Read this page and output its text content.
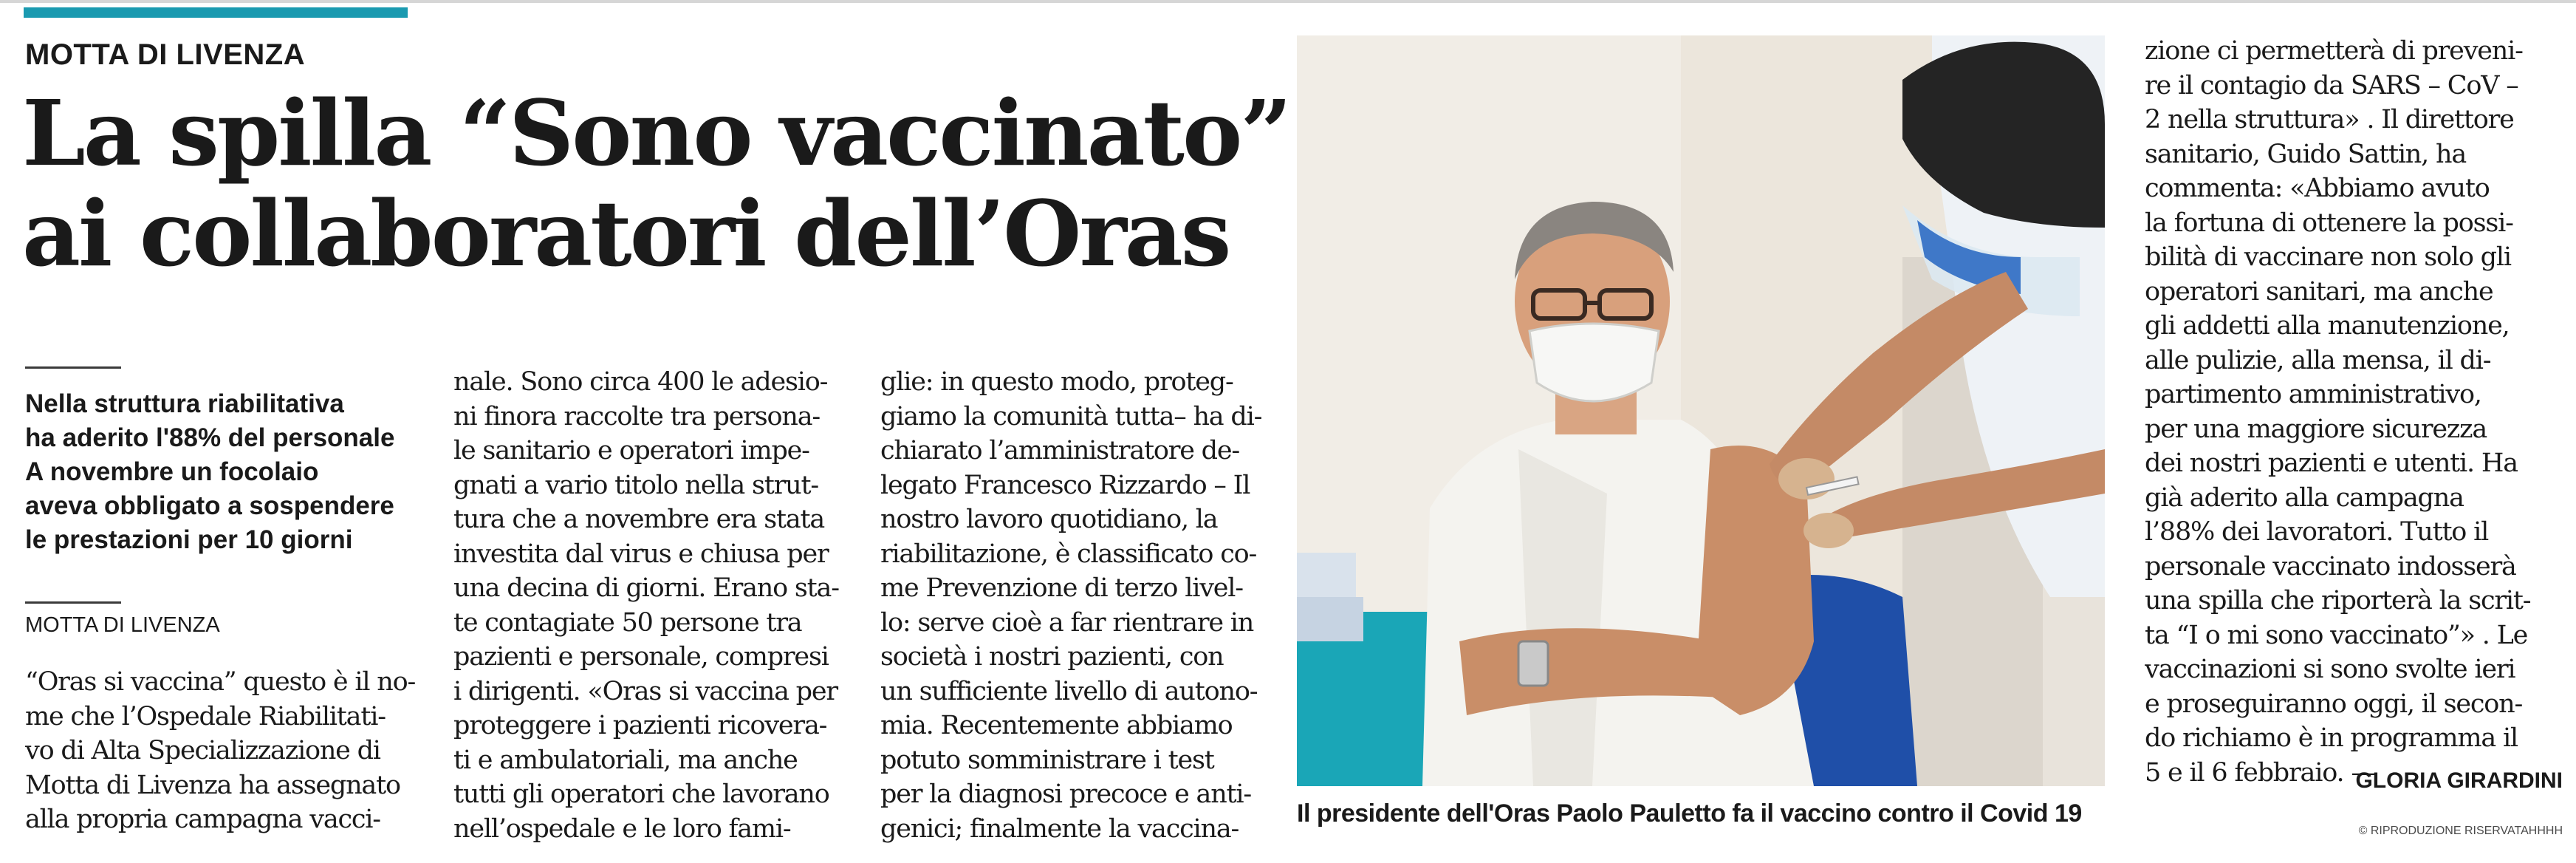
MOTTA DI LIVENZA
La spilla “Sono vaccinato”
ai collaboratori dell’Oras
Nella struttura riabilitativa
ha aderito l'88% del personale
A novembre un focolaio
aveva obbligato a sospendere
le prestazioni per 10 giorni
MOTTA DI LIVENZA
“Oras si vaccina” questo è il no-
me che l’Ospedale Riabilitati-
vo di Alta Specializzazione di
Motta di Livenza ha assegnato
alla propria campagna vacci-
nale. Sono circa 400 le adesio-
ni finora raccolte tra persona-
le sanitario e operatori impe-
gnati a vario titolo nella strut-
tura che a novembre era stata
investita dal virus e chiusa per
una decina di giorni. Erano sta-
te contagiate 50 persone tra
pazienti e personale, compresi
i dirigenti. «Oras si vaccina per
proteggere i pazienti ricovera-
ti e ambulatoriali, ma anche
tutti gli operatori che lavorano
nell’ospedale e le loro fami-
glie: in questo modo, proteg-
giamo la comunità tutta– ha di-
chiarato l’amministratore de-
legato Francesco Rizzardo – Il
nostro lavoro quotidiano, la
riabilitazione, è classificato co-
me Prevenzione di terzo livel-
lo: serve cioè a far rientrare in
società i nostri pazienti, con
un sufficiente livello di autono-
mia. Recentemente abbiamo
potuto somministrare i test
per la diagnosi precoce e anti-
genici; finalmente la vaccina-
Il presidente dell'Oras Paolo Pauletto fa il vaccino contro il Covid 19
zione ci permetterà di preveni-
re il contagio da SARS – CoV –
2 nella struttura» . Il direttore
sanitario, Guido Sattin, ha
commenta: «Abbiamo avuto
la fortuna di ottenere la possi-
bilità di vaccinare non solo gli
operatori sanitari, ma anche
gli addetti alla manutenzione,
alle pulizie, alla mensa, il di-
partimento amministrativo,
per una maggiore sicurezza
dei nostri pazienti e utenti. Ha
già aderito alla campagna
l’88% dei lavoratori. Tutto il
personale vaccinato indosserà
una spilla che riporterà la scrit-
ta “I o mi sono vaccinato”» . Le
vaccinazioni si sono svolte ieri
e proseguiranno oggi, il secon-
do richiamo è in programma il
5 e il 6 febbraio. —
GLORIA GIRARDINI
© RIPRODUZIONE RISERVATAHHHH
